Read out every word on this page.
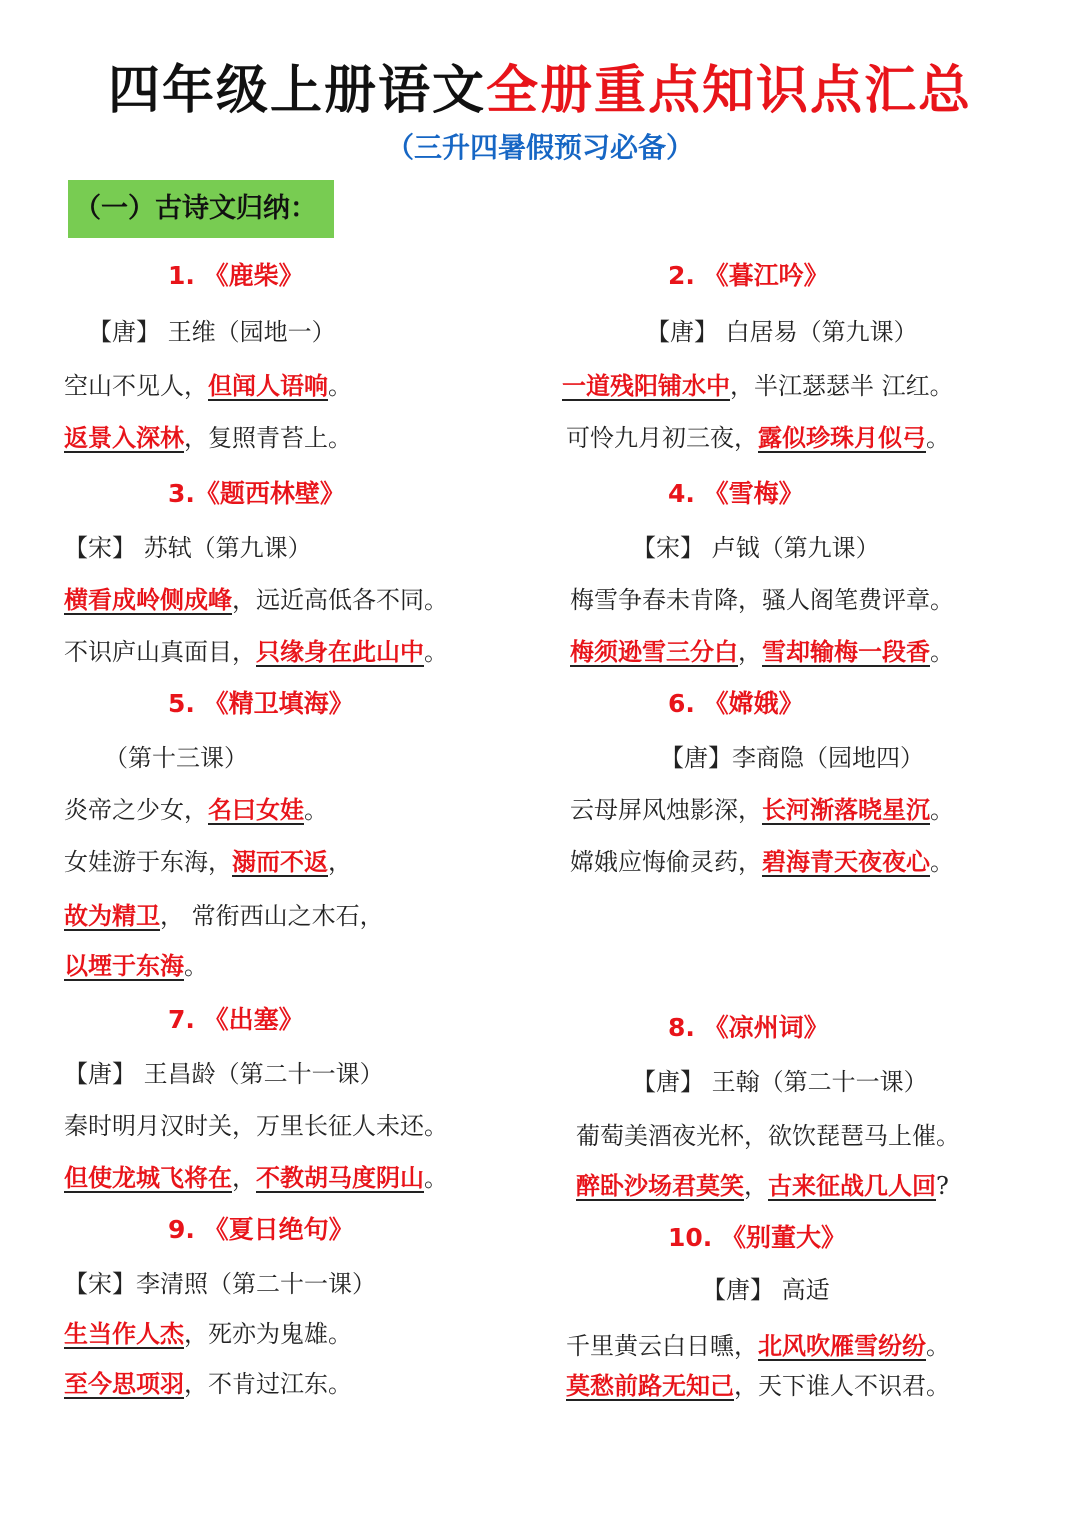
四年级上册语文全册重点知识点汇总
（三升四暑假预习必备）
（一）古诗文归纳：
1. 《鹿柴》
【唐】 王维（园地一）
空山不见人，但闻人语响。
返景入深林，复照青苔上。
2. 《暮江吟》
【唐】 白居易（第九课）
一道残阳铺水中，半江瑟瑟半 江红。
可怜九月初三夜，露似珍珠月似弓。
3.《题西林壁》
【宋】 苏轼（第九课）
横看成岭侧成峰，远近高低各不同。
不识庐山真面目，只缘身在此山中。
4. 《雪梅》
【宋】 卢钺（第九课）
梅雪争春未肯降，骚人阁笔费评章。
梅须逊雪三分白，雪却输梅一段香。
5. 《精卫填海》
（第十三课）
炎帝之少女，名曰女娃。
女娃游于东海，溺而不返，
故为精卫， 常衔西山之木石，
以堙于东海。
6. 《嫦娥》
【唐】李商隐（园地四）
云母屏风烛影深，长河渐落晓星沉。
嫦娥应悔偷灵药，碧海青天夜夜心。
7. 《出塞》
【唐】 王昌龄（第二十一课）
秦时明月汉时关，万里长征人未还。
但使龙城飞将在，不教胡马度阴山。
8. 《凉州词》
【唐】 王翰（第二十一课）
葡萄美酒夜光杯，欲饮琵琶马上催。
醉卧沙场君莫笑，古来征战几人回?
9. 《夏日绝句》
【宋】李清照（第二十一课）
生当作人杰，死亦为鬼雄。
至今思项羽，不肯过江东。
10. 《别董大》
【唐】 高适
千里黄云白日曛，北风吹雁雪纷纷。
莫愁前路无知己，天下谁人不识君。
